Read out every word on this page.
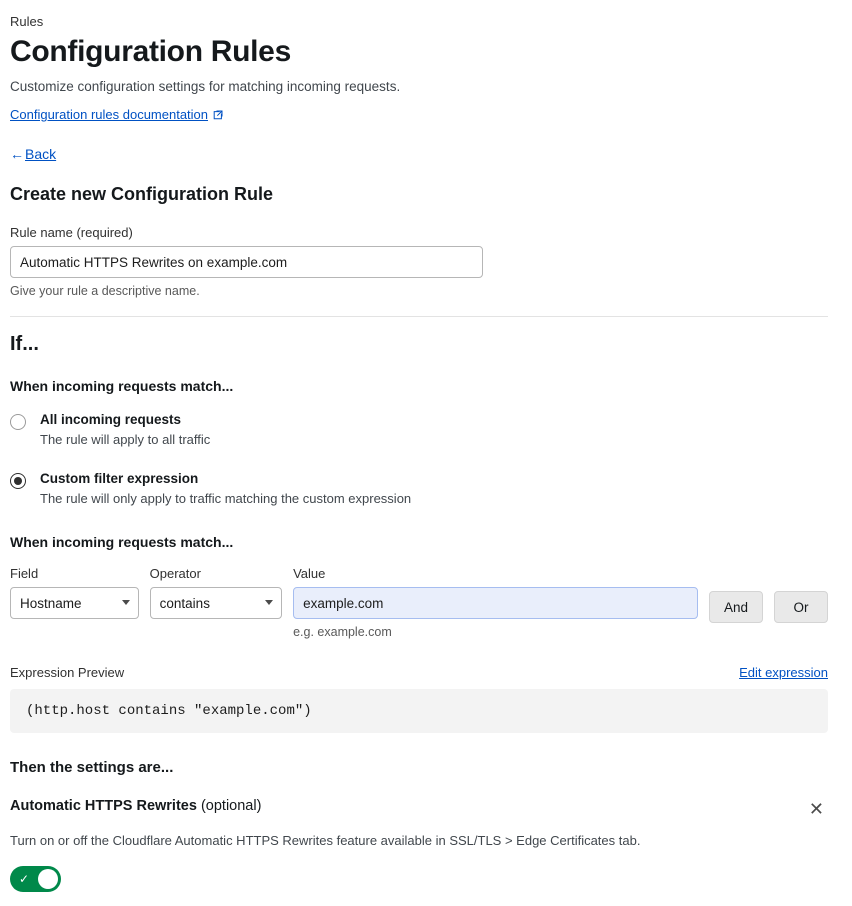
Rules
Configuration Rules

Customize configuration settings for matching incoming requests.

Configuration rules documentation
←Back
Create new Configuration Rule
Rule name (required)
Automatic HTTPS Rewrites on example.com
Give your rule a descriptive name.
If...
When incoming requests match...
All incoming requests
The rule will apply to all traffic
Custom filter expression
The rule will only apply to traffic matching the custom expression
When incoming requests match...
Field
Hostname
Operator
contains
Value
example.com
e.g. example.com
And	Or
Expression Preview	Edit expression
(http.host contains "example.com")
Then the settings are...
Automatic HTTPS Rewrites (optional)	✕
Turn on or off the Cloudflare Automatic HTTPS Rewrites feature available in SSL/TLS > Edge Certificates tab.
✓
